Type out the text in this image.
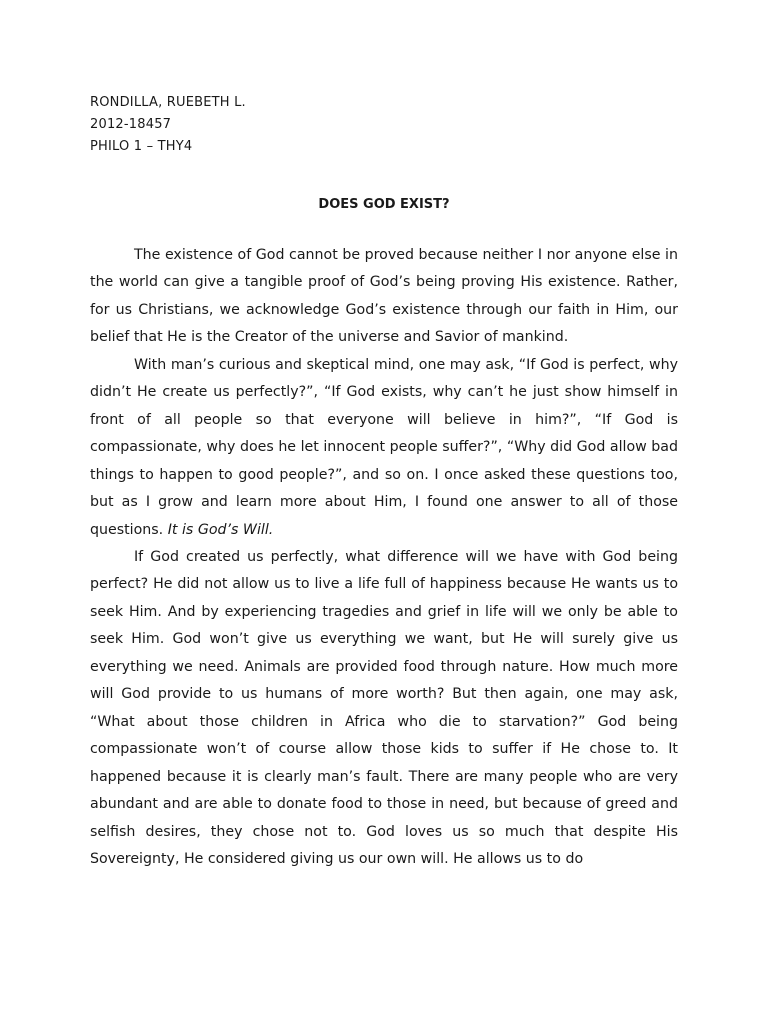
RONDILLA, RUEBETH L.
2012-18457
PHILO 1 – THY4
DOES GOD EXIST?

The existence of God cannot be proved because neither I nor anyone else in the world can give a tangible proof of God’s being proving His existence. Rather, for us Christians, we acknowledge God’s existence through our faith in Him, our belief that He is the Creator of the universe and Savior of mankind.

With man’s curious and skeptical mind, one may ask, “If God is perfect, why didn’t He create us perfectly?”, “If God exists, why can’t he just show himself in front of all people so that everyone will believe in him?”, “If God is compassionate, why does he let innocent people suffer?”, “Why did God allow bad things to happen to good people?”, and so on. I once asked these questions too, but as I grow and learn more about Him, I found one answer to all of those questions. It is God’s Will.

If God created us perfectly, what difference will we have with God being perfect? He did not allow us to live a life full of happiness because He wants us to seek Him. And by experiencing tragedies and grief in life will we only be able to seek Him. God won’t give us everything we want, but He will surely give us everything we need. Animals are provided food through nature. How much more will God provide to us humans of more worth? But then again, one may ask, “What about those children in Africa who die to starvation?” God being compassionate won’t of course allow those kids to suffer if He chose to. It happened because it is clearly man’s fault. There are many people who are very abundant and are able to donate food to those in need, but because of greed and selfish desires, they chose not to. God loves us so much that despite His Sovereignty, He considered giving us our own will. He allows us to do
